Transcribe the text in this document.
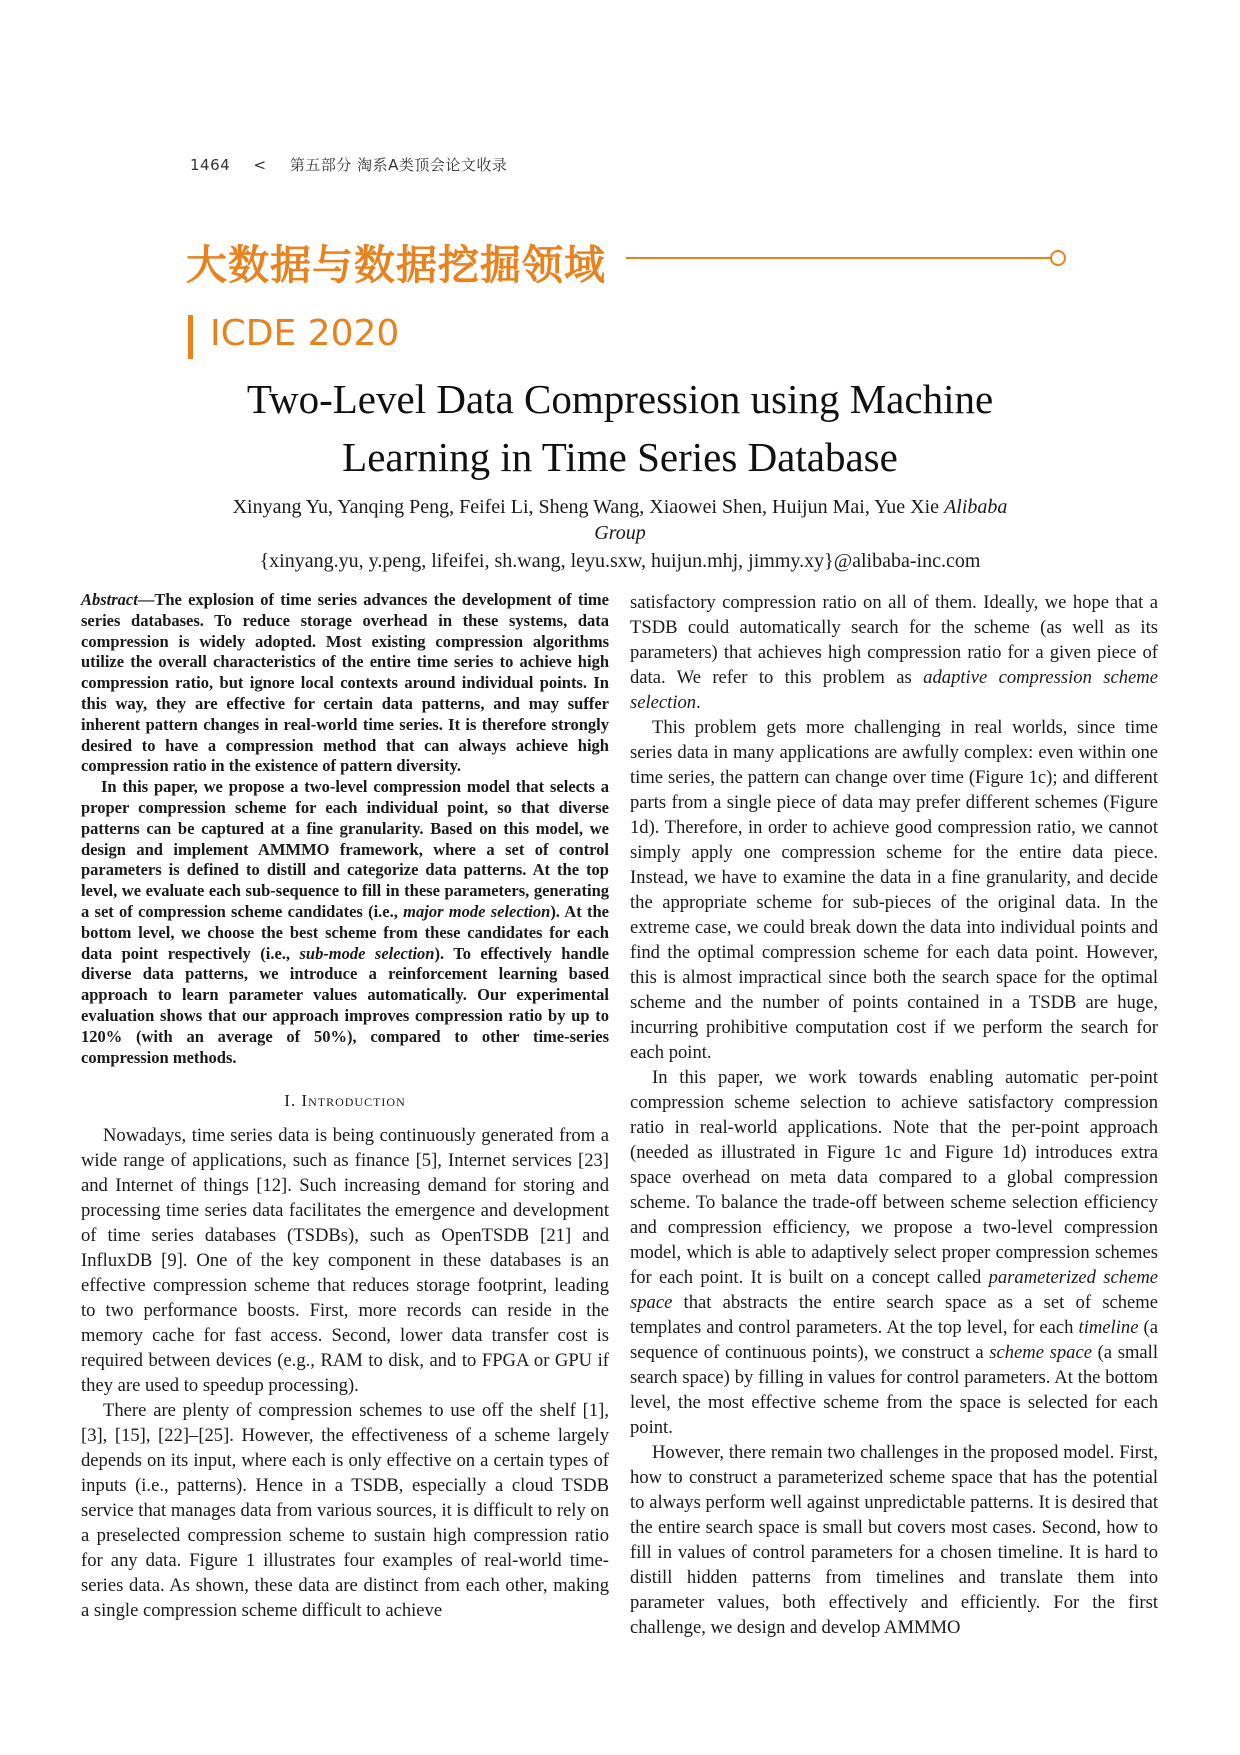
1464 < 第五部分 淘系A类顶会论文收录
大数据与数据挖掘领域
ICDE 2020
Two-Level Data Compression using Machine
Learning in Time Series Database
Xinyang Yu, Yanqing Peng, Feifei Li, Sheng Wang, Xiaowei Shen, Huijun Mai, Yue Xie Alibaba
Group
{xinyang.yu, y.peng, lifeifei, sh.wang, leyu.sxw, huijun.mhj, jimmy.xy}@alibaba-inc.com

Abstract—The explosion of time series advances the development of time series databases. To reduce storage overhead in these systems, data compression is widely adopted. Most existing compression algorithms utilize the overall characteristics of the entire time series to achieve high compression ratio, but ignore local contexts around individual points. In this way, they are effective for certain data patterns, and may suffer inherent pattern changes in real-world time series. It is therefore strongly desired to have a compression method that can always achieve high compression ratio in the existence of pattern diversity.

In this paper, we propose a two-level compression model that selects a proper compression scheme for each individual point, so that diverse patterns can be captured at a fine granularity. Based on this model, we design and implement AMMMO framework, where a set of control parameters is defined to distill and categorize data patterns. At the top level, we evaluate each sub-sequence to fill in these parameters, generating a set of compression scheme candidates (i.e., major mode selection). At the bottom level, we choose the best scheme from these candidates for each data point respectively (i.e., sub-mode selection). To effectively handle diverse data patterns, we introduce a reinforcement learning based approach to learn parameter values automatically. Our experimental evaluation shows that our approach improves compression ratio by up to 120% (with an average of 50%), compared to other time-series compression methods.

I. Introduction

Nowadays, time series data is being continuously generated from a wide range of applications, such as finance [5], Internet services [23] and Internet of things [12]. Such increasing demand for storing and processing time series data facilitates the emergence and development of time series databases (TSDBs), such as OpenTSDB [21] and InfluxDB [9]. One of the key component in these databases is an effective compression scheme that reduces storage footprint, leading to two performance boosts. First, more records can reside in the memory cache for fast access. Second, lower data transfer cost is required between devices (e.g., RAM to disk, and to FPGA or GPU if they are used to speedup processing).

There are plenty of compression schemes to use off the shelf [1], [3], [15], [22]–[25]. However, the effectiveness of a scheme largely depends on its input, where each is only effective on a certain types of inputs (i.e., patterns). Hence in a TSDB, especially a cloud TSDB service that manages data from various sources, it is difficult to rely on a preselected compression scheme to sustain high compression ratio for any data. Figure 1 illustrates four examples of real-world time-series data. As shown, these data are distinct from each other, making a single compression scheme difficult to achieve

satisfactory compression ratio on all of them. Ideally, we hope that a TSDB could automatically search for the scheme (as well as its parameters) that achieves high compression ratio for a given piece of data. We refer to this problem as adaptive compression scheme selection.

This problem gets more challenging in real worlds, since time series data in many applications are awfully complex: even within one time series, the pattern can change over time (Figure 1c); and different parts from a single piece of data may prefer different schemes (Figure 1d). Therefore, in order to achieve good compression ratio, we cannot simply apply one compression scheme for the entire data piece. Instead, we have to examine the data in a fine granularity, and decide the appropriate scheme for sub-pieces of the original data. In the extreme case, we could break down the data into individual points and find the optimal compression scheme for each data point. However, this is almost impractical since both the search space for the optimal scheme and the number of points contained in a TSDB are huge, incurring prohibitive computation cost if we perform the search for each point.

In this paper, we work towards enabling automatic per-point compression scheme selection to achieve satisfactory compression ratio in real-world applications. Note that the per-point approach (needed as illustrated in Figure 1c and Figure 1d) introduces extra space overhead on meta data compared to a global compression scheme. To balance the trade-off between scheme selection efficiency and compression efficiency, we propose a two-level compression model, which is able to adaptively select proper compression schemes for each point. It is built on a concept called parameterized scheme space that abstracts the entire search space as a set of scheme templates and control parameters. At the top level, for each timeline (a sequence of continuous points), we construct a scheme space (a small search space) by filling in values for control parameters. At the bottom level, the most effective scheme from the space is selected for each point.

However, there remain two challenges in the proposed model. First, how to construct a parameterized scheme space that has the potential to always perform well against unpredictable patterns. It is desired that the entire search space is small but covers most cases. Second, how to fill in values of control parameters for a chosen timeline. It is hard to distill hidden patterns from timelines and translate them into parameter values, both effectively and efficiently. For the first challenge, we design and develop AMMMO
